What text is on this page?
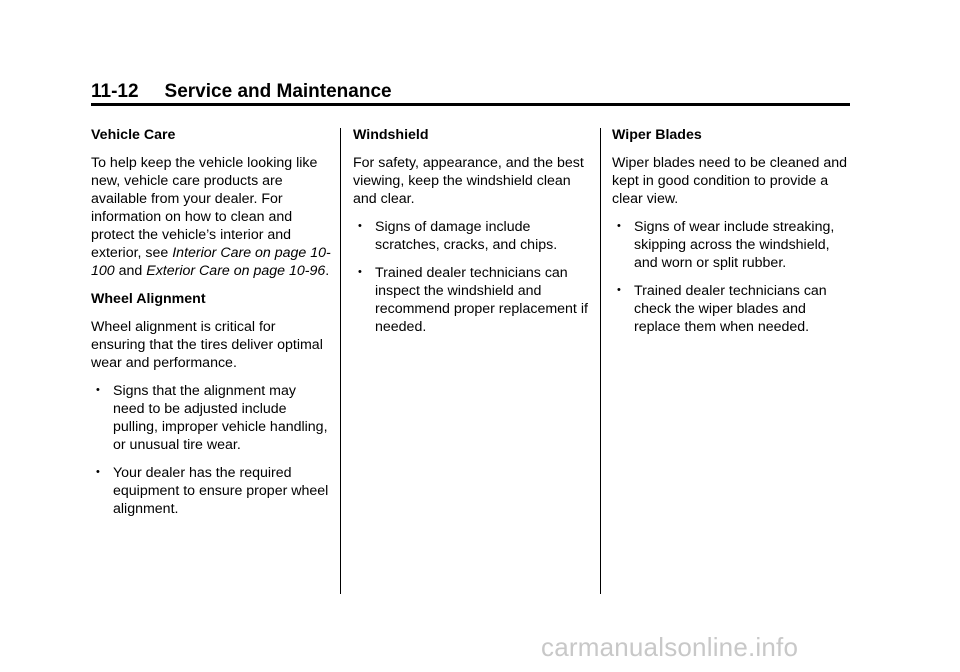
11-12 Service and Maintenance
Vehicle Care

To help keep the vehicle looking like new, vehicle care products are available from your dealer. For information on how to clean and protect the vehicle’s interior and exterior, see Interior Care on page 10-100 and Exterior Care on page 10-96.

Wheel Alignment

Wheel alignment is critical for ensuring that the tires deliver optimal wear and performance.

• Signs that the alignment may need to be adjusted include pulling, improper vehicle handling, or unusual tire wear.
• Your dealer has the required equipment to ensure proper wheel alignment.
Windshield

For safety, appearance, and the best viewing, keep the windshield clean and clear.

• Signs of damage include scratches, cracks, and chips.
• Trained dealer technicians can inspect the windshield and recommend proper replacement if needed.
Wiper Blades

Wiper blades need to be cleaned and kept in good condition to provide a clear view.

• Signs of wear include streaking, skipping across the windshield, and worn or split rubber.
• Trained dealer technicians can check the wiper blades and replace them when needed.
carmanualsonline.info
